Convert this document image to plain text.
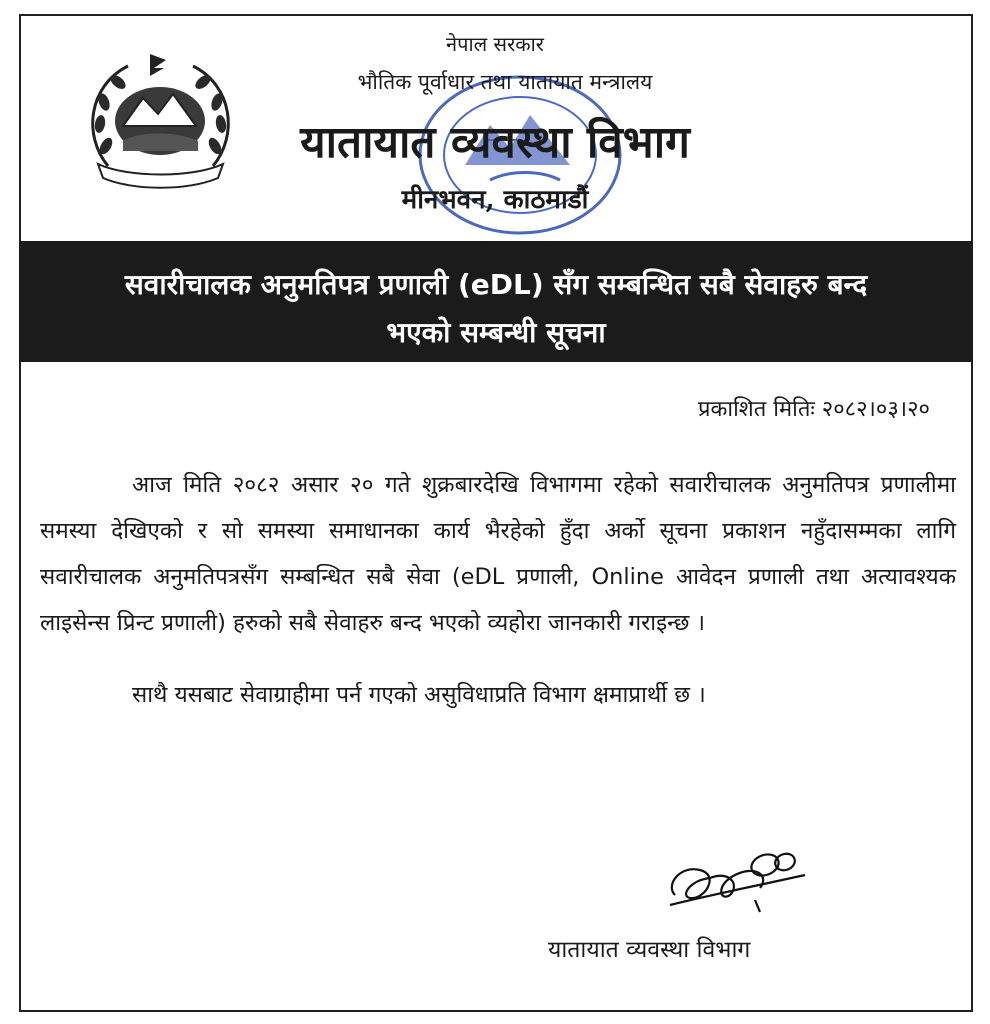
नेपाल सरकार
भौतिक पूर्वाधार तथा यातायात मन्त्रालय
यातायात व्यवस्था विभाग
मीनभवन, काठमाडौं
सवारीचालक अनुमतिपत्र प्रणाली (eDL) सँग सम्बन्धित सबै सेवाहरु बन्द
भएको सम्बन्धी सूचना
प्रकाशित मितिः २०८२।०३।२०

आज मिति २०८२ असार २० गते शुक्रबारदेखि विभागमा रहेको सवारीचालक अनुमतिपत्र प्रणालीमा समस्या देखिएको र सो समस्या समाधानका कार्य भैरहेको हुँदा अर्को सूचना प्रकाशन नहुँदासम्मका लागि सवारीचालक अनुमतिपत्रसँग सम्बन्धित सबै सेवा (eDL प्रणाली, Online आवेदन प्रणाली तथा अत्यावश्यक लाइसेन्स प्रिन्ट प्रणाली) हरुको सबै सेवाहरु बन्द भएको व्यहोरा जानकारी गराइन्छ ।

साथै यसबाट सेवाग्राहीमा पर्न गएको असुविधाप्रति विभाग क्षमाप्रार्थी छ ।

यातायात व्यवस्था विभाग
